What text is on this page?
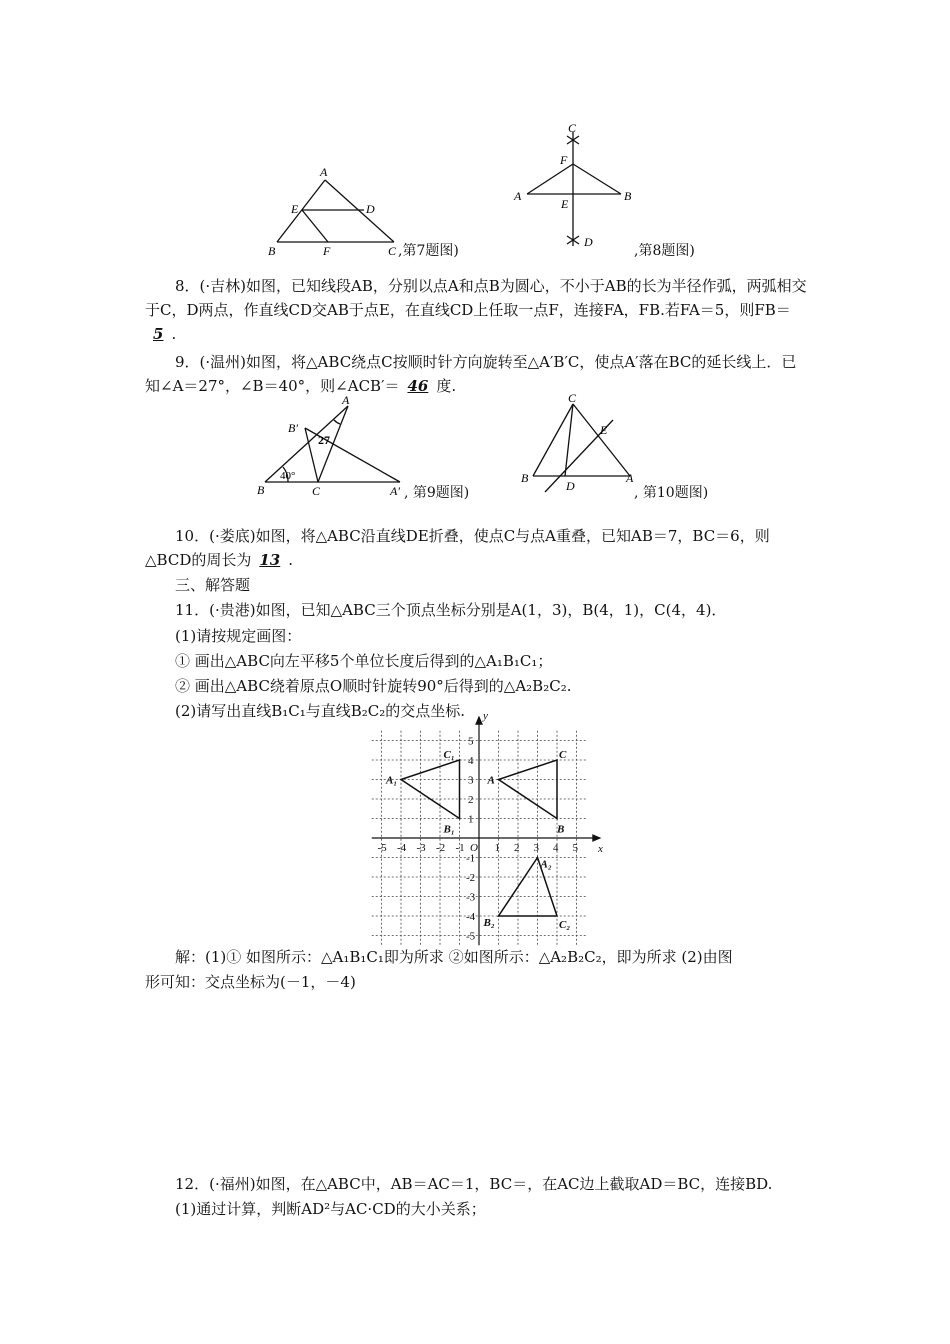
A
E	D
B	F	C ,第7题图)
C
F
A	B
E
D
,第8题图)
8．(·吉林)如图，已知线段AB，分别以点A和点B为圆心，不小于AB的长为半径作弧，两弧相交于C，D两点，作直线CD交AB于点E，在直线CD上任取一点F，连接FA，FB.若FA＝5，则FB＝5 .
9．(·温州)如图，将△ABC绕点C按顺时针方向旋转至△A′B′C，使点A′落在BC的延长线上．已知∠A＝27°，∠B＝40°，则∠ACB′＝ 46 度.
A
B′
B	C	A′
27
40°
, 第9题图)
C
E
B
D
A
, 第10题图)
10．(·娄底)如图，将△ABC沿直线DE折叠，使点C与点A重叠，已知AB＝7，BC＝6，则△BCD的周长为 13 .
三、解答题
11．(·贵港)如图，已知△ABC三个顶点坐标分别是A(1，3)，B(4，1)，C(4，4)．
(1)请按规定画图：
① 画出△ABC向左平移5个单位长度后得到的△A₁B₁C₁；
② 画出△ABC绕着原点O顺时针旋转90°后得到的△A₂B₂C₂.
(2)请写出直线B₁C₁与直线B₂C₂的交点坐标.
-5 -4 -3 -2 -1	1 2 3 4 5
5
4
3
2
1
-1
-2
-3
-4
-5
x
y
O
A
B
C
A₁
B₁
C₁
A₂
B₂	C₂
解：(1)① 如图所示：△A₁B₁C₁即为所求 ②如图所示：△A₂B₂C₂，即为所求 (2)由图
形可知：交点坐标为(－1，－4)
12．(·福州)如图，在△ABC中，AB＝AC＝1，BC＝，在AC边上截取AD＝BC，连接BD.
(1)通过计算，判断AD²与AC·CD的大小关系；
